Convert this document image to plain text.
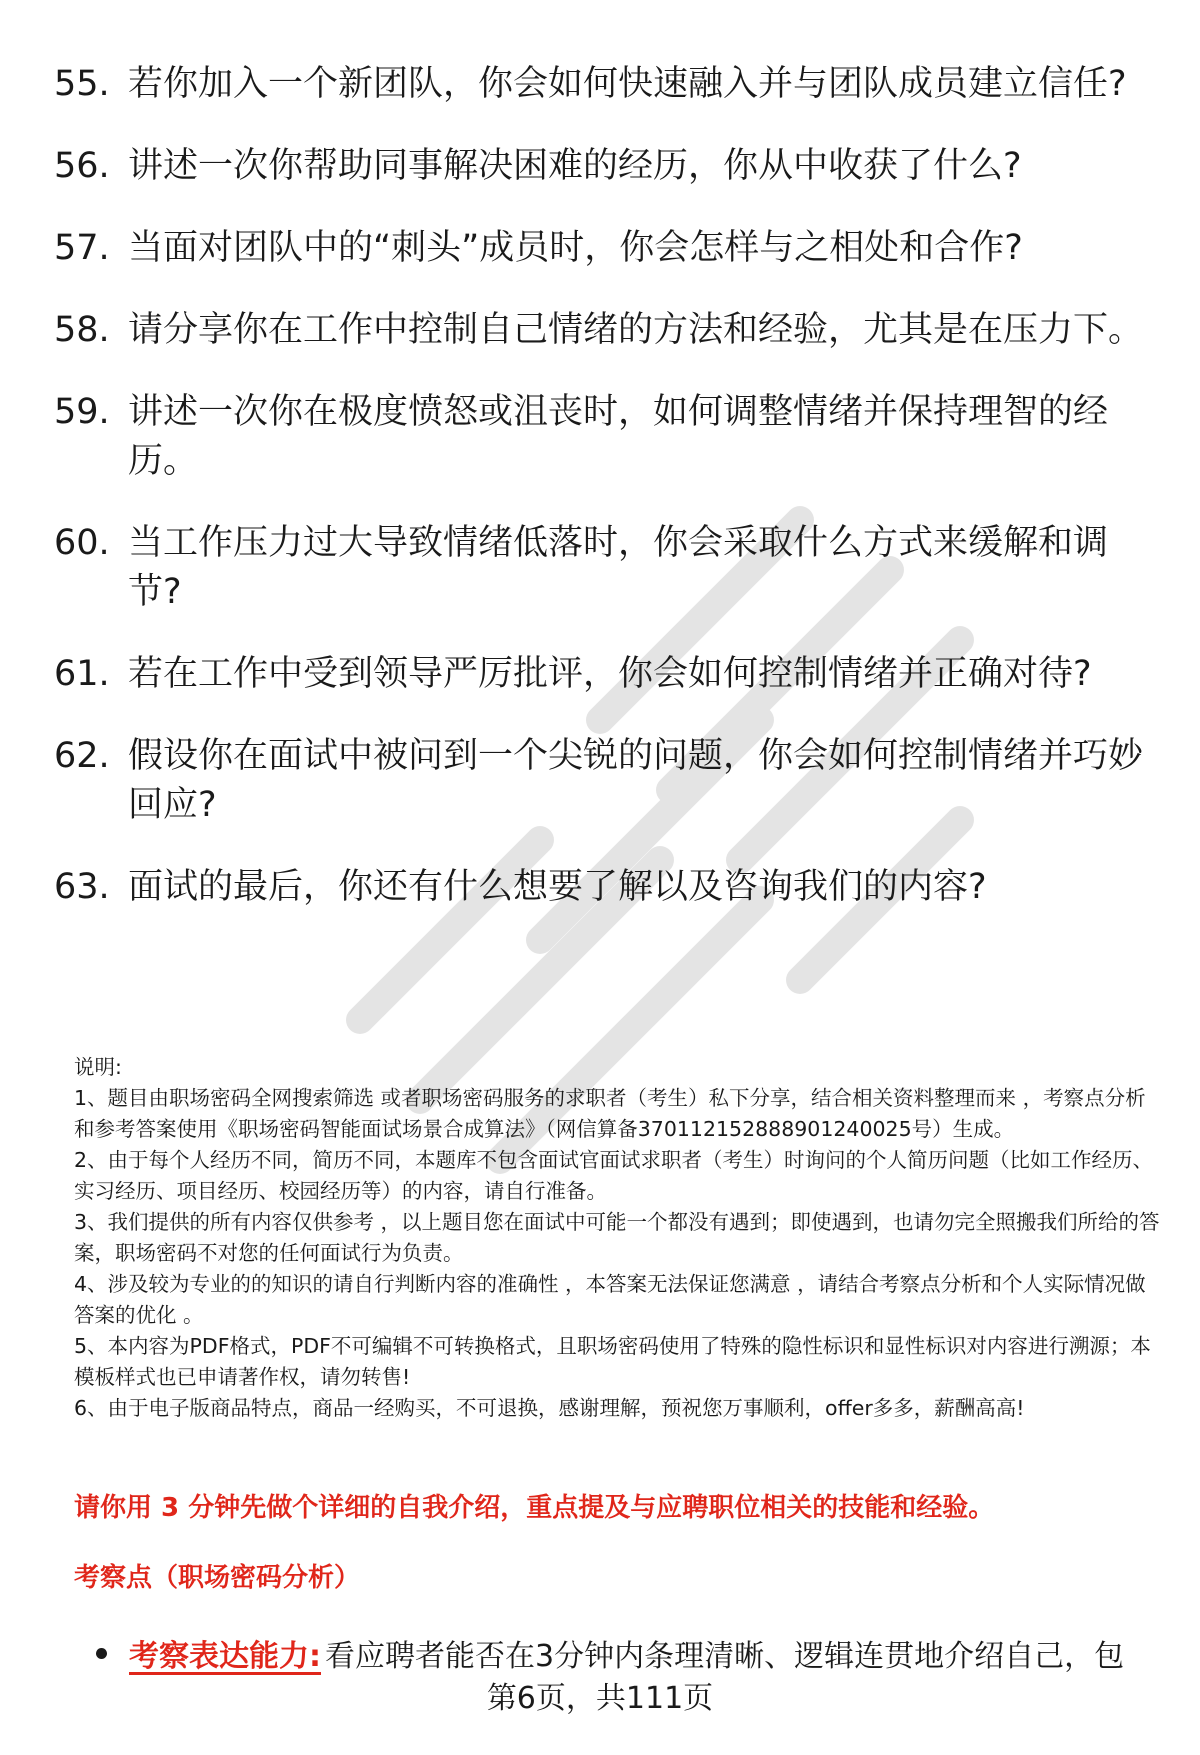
55. 若你加入一个新团队，你会如何快速融入并与团队成员建立信任?
56. 讲述一次你帮助同事解决困难的经历，你从中收获了什么?
57. 当面对团队中的“刺头”成员时，你会怎样与之相处和合作?
58. 请分享你在工作中控制自己情绪的方法和经验，尤其是在压力下。
59. 讲述一次你在极度愤怒或沮丧时，如何调整情绪并保持理智的经历。
60. 当工作压力过大导致情绪低落时，你会采取什么方式来缓解和调节?
61. 若在工作中受到领导严厉批评，你会如何控制情绪并正确对待?
62. 假设你在面试中被问到一个尖锐的问题，你会如何控制情绪并巧妙回应?
63. 面试的最后，你还有什么想要了解以及咨询我们的内容?

说明:

1、题目由职场密码全网搜索筛选 或者职场密码服务的求职者（考生）私下分享，结合相关资料整理而来 ，考察点分析和参考答案使用《职场密码智能面试场景合成算法》（网信算备370112152888901240025号）生成。

2、由于每个人经历不同，简历不同，本题库不包含面试官面试求职者（考生）时询问的个人简历问题（比如工作经历、实习经历、项目经历、校园经历等）的内容，请自行准备。

3、我们提供的所有内容仅供参考 ，以上题目您在面试中可能一个都没有遇到；即使遇到，也请勿完全照搬我们所给的答案，职场密码不对您的任何面试行为负责。

4、涉及较为专业的的知识的请自行判断内容的准确性 ，本答案无法保证您满意 ，请结合考察点分析和个人实际情况做答案的优化 。

5、本内容为PDF格式，PDF不可编辑不可转换格式，且职场密码使用了特殊的隐性标识和显性标识对内容进行溯源；本模板样式也已申请著作权，请勿转售!

6、由于电子版商品特点，商品一经购买，不可退换，感谢理解，预祝您万事顺利，offer多多，薪酬高高!

请你用 3 分钟先做个详细的自我介绍，重点提及与应聘职位相关的技能和经验。

考察点（职场密码分析）

考察表达能力: 看应聘者能否在3分钟内条理清晰、逻辑连贯地介绍自己，包
第6页，共111页
